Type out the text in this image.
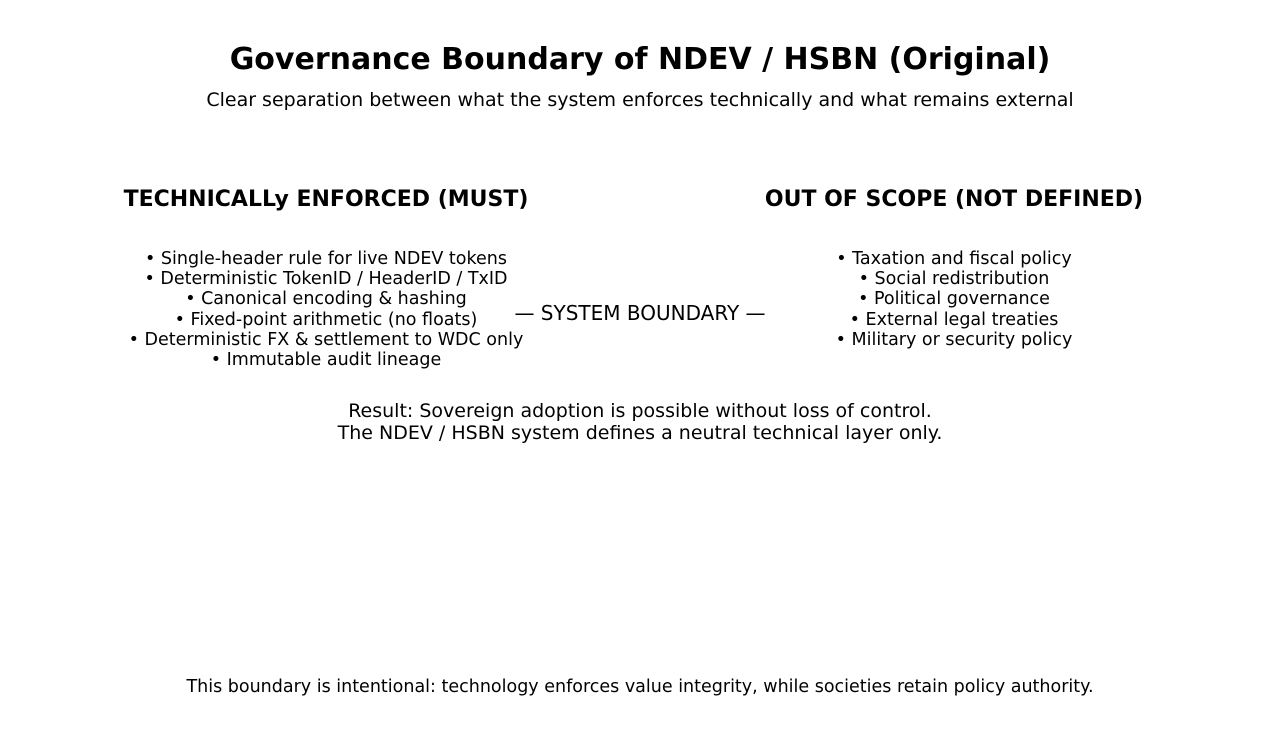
Governance Boundary of NDEV / HSBN (Original)
Clear separation between what the system enforces technically and what remains external
TECHNICALLy ENFORCED (MUST)	OUT OF SCOPE (NOT DEFINED)
• Single-header rule for live NDEV tokens
• Deterministic TokenID / HeaderID / TxID
• Canonical encoding & hashing
• Fixed-point arithmetic (no floats)
• Deterministic FX & settlement to WDC only
• Immutable audit lineage
— SYSTEM BOUNDARY —
• Taxation and fiscal policy
• Social redistribution
• Political governance
• External legal treaties
• Military or security policy
Result: Sovereign adoption is possible without loss of control.
The NDEV / HSBN system defines a neutral technical layer only.
This boundary is intentional: technology enforces value integrity, while societies retain policy authority.
